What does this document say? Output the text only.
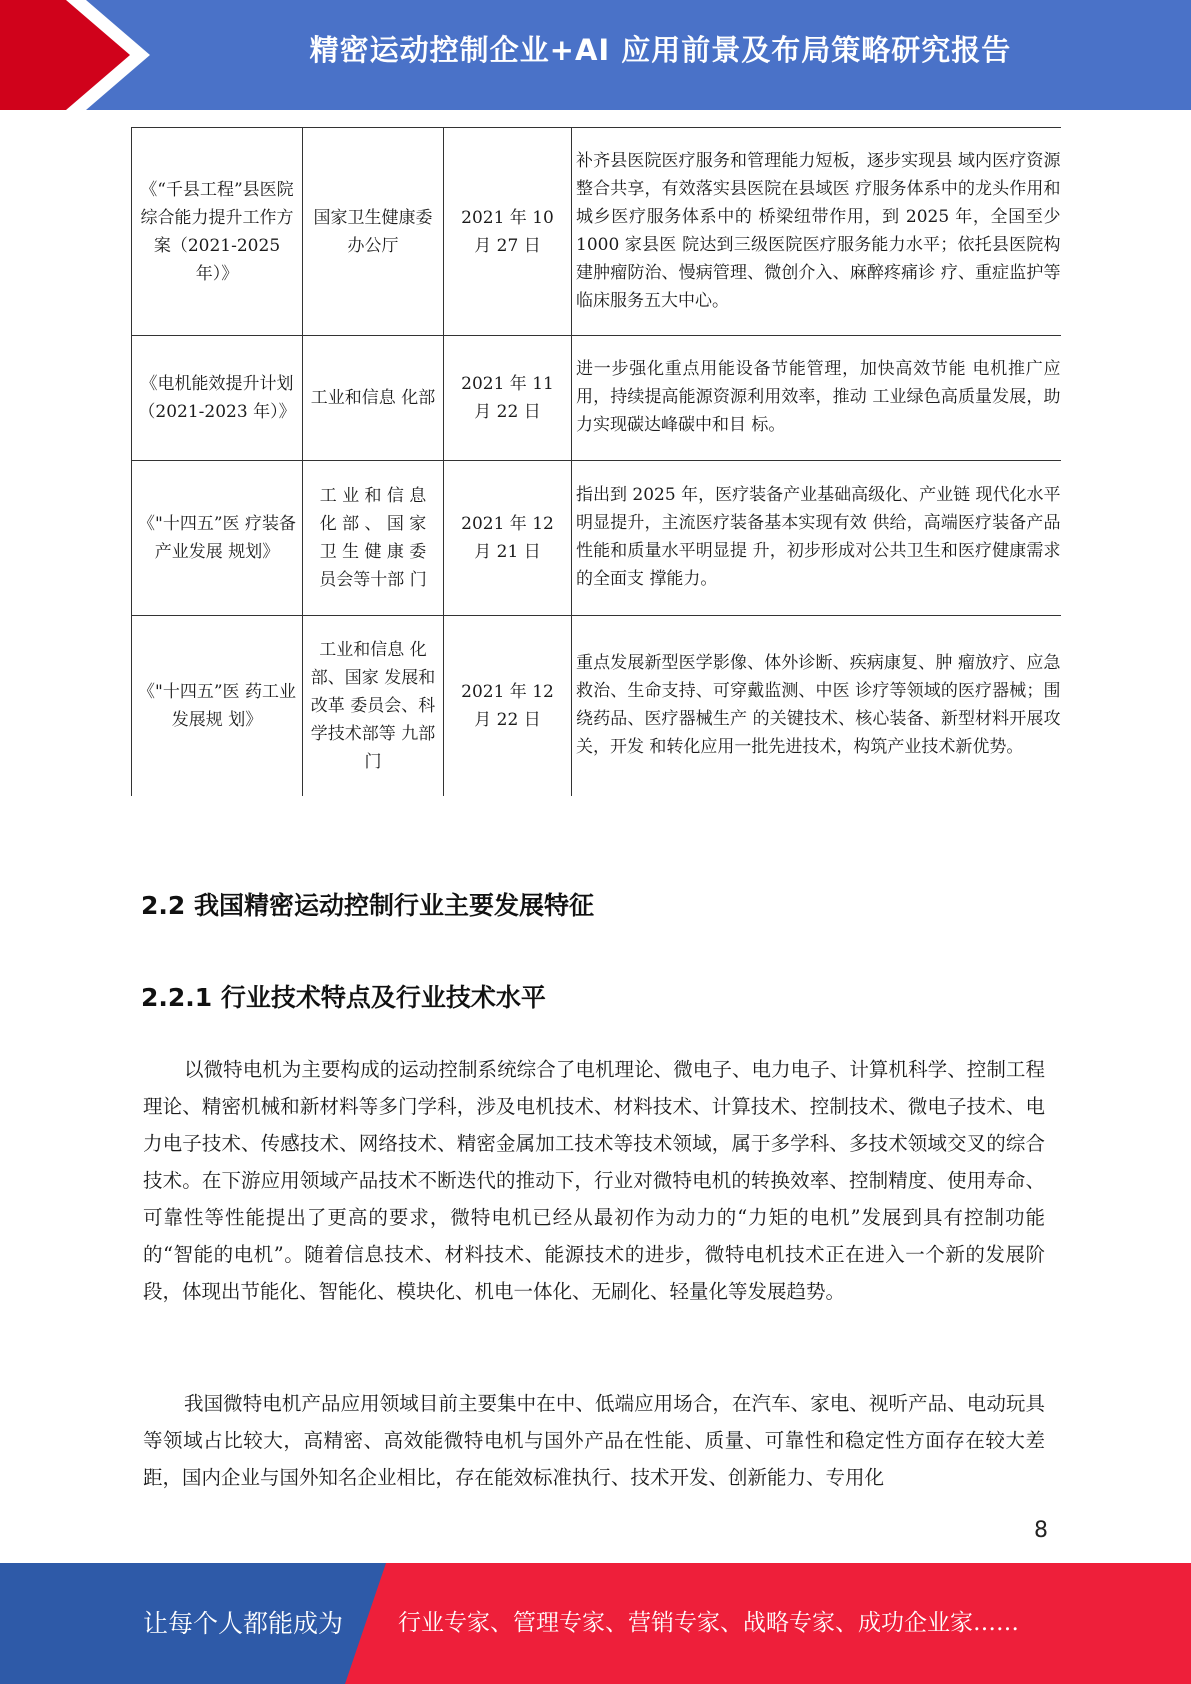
精密运动控制企业+AI 应用前景及布局策略研究报告
《“千县工程”县医院综合能力提升工作方案（2021-2025 年）》	国家卫生健康委办公厅	2021 年 10 月 27 日	补齐县医院医疗服务和管理能力短板，逐步实现县 域内医疗资源整合共享，有效落实县医院在县域医 疗服务体系中的龙头作用和城乡医疗服务体系中的 桥梁纽带作用，到 2025 年，全国至少 1000 家县医 院达到三级医院医疗服务能力水平；依托县医院构 建肿瘤防治、慢病管理、微创介入、麻醉疼痛诊 疗、重症监护等临床服务五大中心。
《电机能效提升计划（2021-2023 年）》	工业和信息 化部	2021 年 11 月 22 日	进一步强化重点用能设备节能管理，加快高效节能 电机推广应用，持续提高能源资源利用效率，推动 工业绿色高质量发展，助力实现碳达峰碳中和目 标。
《"十四五”医 疗装备产业发展 规划》	工 业 和 信 息 化 部 、 国 家 卫 生 健 康 委 员会等十部 门	2021 年 12 月 21 日	指出到 2025 年，医疗装备产业基础高级化、产业链 现代化水平明显提升，主流医疗装备基本实现有效 供给，高端医疗装备产品性能和质量水平明显提 升，初步形成对公共卫生和医疗健康需求的全面支 撑能力。
《"十四五”医 药工业发展规 划》	工业和信息 化部、国家 发展和改革 委员会、科 学技术部等 九部门	2021 年 12 月 22 日	重点发展新型医学影像、体外诊断、疾病康复、肿 瘤放疗、应急救治、生命支持、可穿戴监测、中医 诊疗等领域的医疗器械；围绕药品、医疗器械生产 的关键技术、核心装备、新型材料开展攻关，开发 和转化应用一批先进技术，构筑产业技术新优势。
2.2 我国精密运动控制行业主要发展特征
2.2.1 行业技术特点及行业技术水平

以微特电机为主要构成的运动控制系统综合了电机理论、微电子、电力电子、计算机科学、控制工程理论、精密机械和新材料等多门学科，涉及电机技术、材料技术、计算技术、控制技术、微电子技术、电力电子技术、传感技术、网络技术、精密金属加工技术等技术领域，属于多学科、多技术领域交叉的综合技术。在下游应用领域产品技术不断迭代的推动下，行业对微特电机的转换效率、控制精度、使用寿命、可靠性等性能提出了更高的要求，微特电机已经从最初作为动力的“力矩的电机”发展到具有控制功能的“智能的电机”。随着信息技术、材料技术、能源技术的进步，微特电机技术正在进入一个新的发展阶段，体现出节能化、智能化、模块化、机电一体化、无刷化、轻量化等发展趋势。

我国微特电机产品应用领域目前主要集中在中、低端应用场合，在汽车、家电、视听产品、电动玩具等领域占比较大，高精密、高效能微特电机与国外产品在性能、质量、可靠性和稳定性方面存在较大差距，国内企业与国外知名企业相比，存在能效标准执行、技术开发、创新能力、专用化

8
让每个人都能成为 行业专家、管理专家、营销专家、战略专家、成功企业家……
